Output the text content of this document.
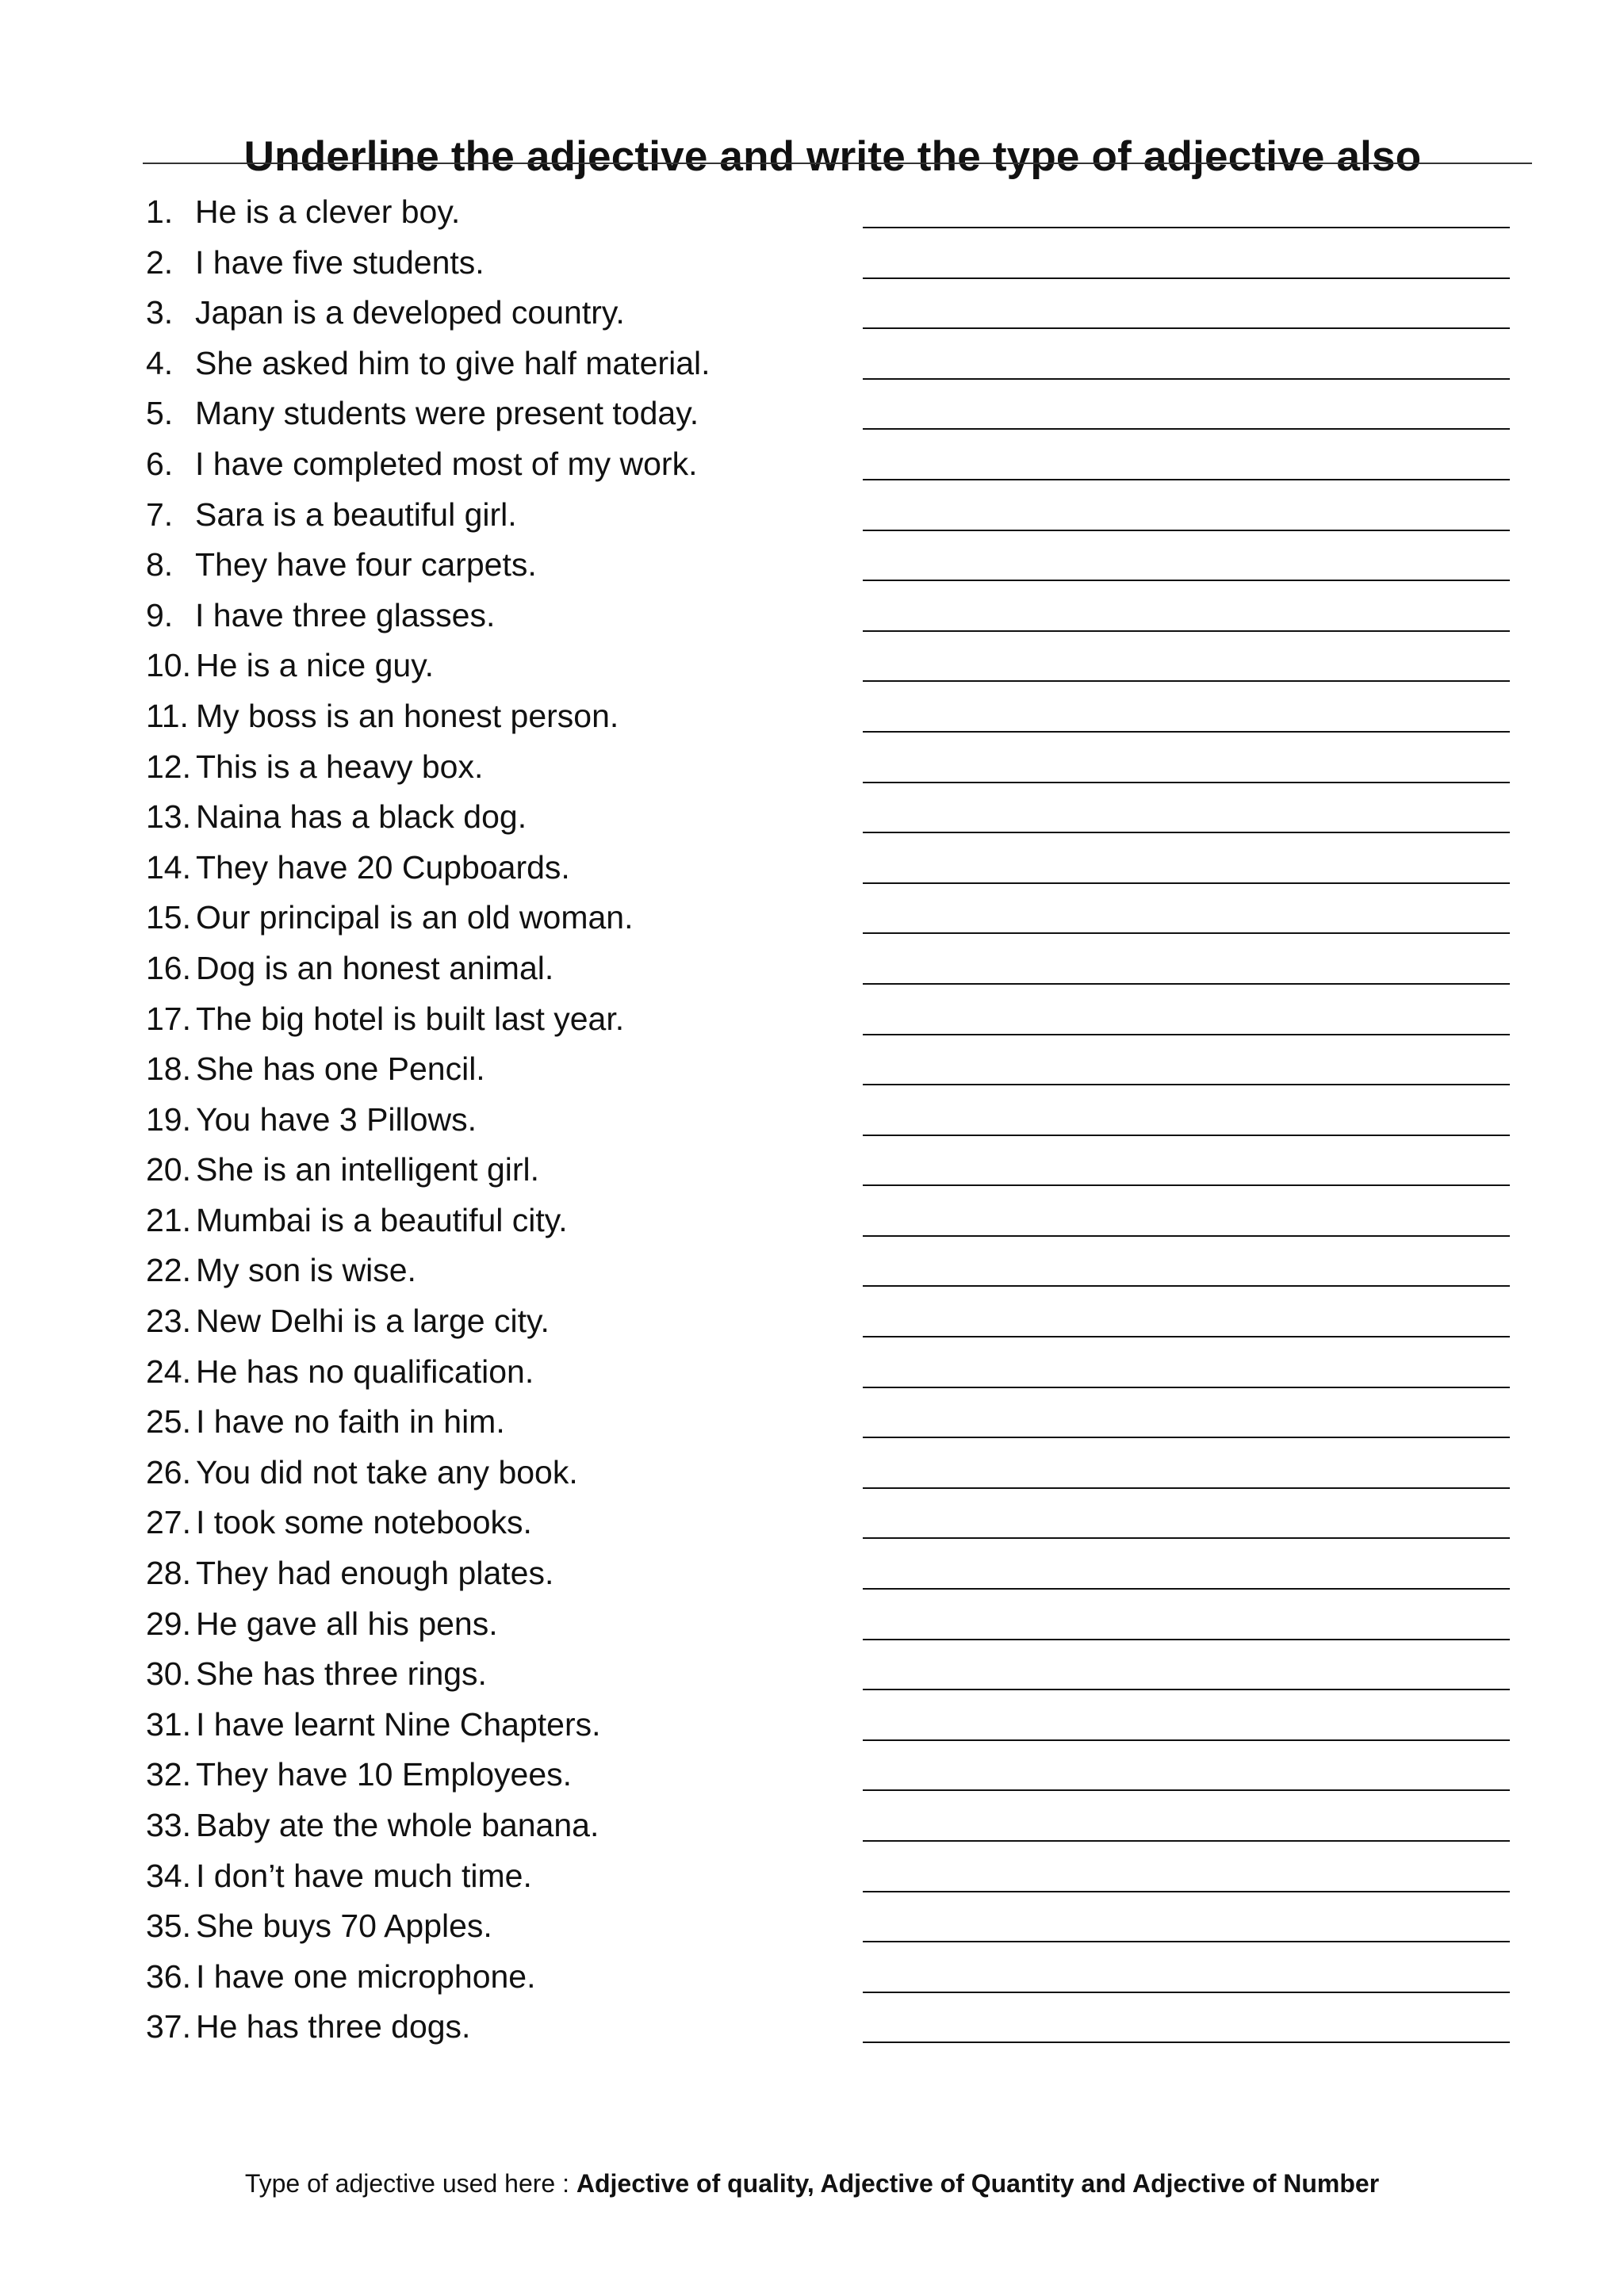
Underline the adjective and write the type of adjective also
1. He is a clever boy.
2. I have five students.
3. Japan is a developed country.
4. She asked him to give half material.
5. Many students were present today.
6. I have completed most of my work.
7. Sara is a beautiful girl.
8. They have four carpets.
9. I have three glasses.
10. He is a nice guy.
11. My boss is an honest person.
12. This is a heavy box.
13. Naina has a black dog.
14. They have 20 Cupboards.
15. Our principal is an old woman.
16. Dog is an honest animal.
17. The big hotel is built last year.
18. She has one Pencil.
19. You have 3 Pillows.
20. She is an intelligent girl.
21. Mumbai is a beautiful city.
22. My son is wise.
23. New Delhi is a large city.
24. He has no qualification.
25. I have no faith in him.
26. You did not take any book.
27. I took some notebooks.
28. They had enough plates.
29. He gave all his pens.
30. She has three rings.
31. I have learnt Nine Chapters.
32. They have 10 Employees.
33. Baby ate the whole banana.
34. I don’t have much time.
35. She buys 70 Apples.
36. I have one microphone.
37. He has three dogs.
Type of adjective used here : Adjective of quality, Adjective of Quantity and Adjective of Number
